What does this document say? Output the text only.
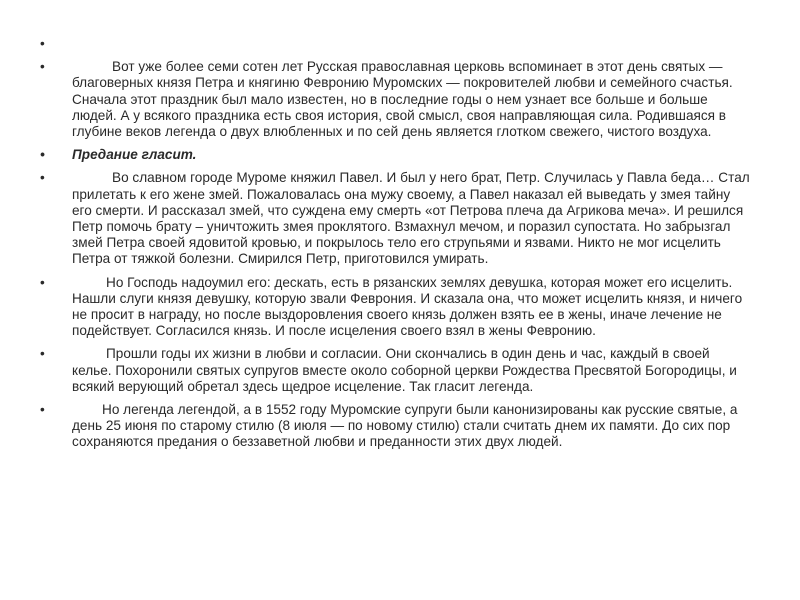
•
• Вот уже более семи сотен лет Русская православная церковь вспоминает в этот день святых — благоверных князя Петра и княгиню Февронию Муромских — покровителей любви и семейного счастья. Сначала этот праздник был мало известен, но в последние годы о нем узнает все больше и больше людей. А у всякого праздника есть своя история, свой смысл, своя направляющая сила. Родившаяся в глубине веков легенда о двух влюбленных и по сей день является глотком свежего, чистого воздуха.
• Предание гласит.
• Во славном городе Муроме княжил Павел. И был у него брат, Петр. Случилась у Павла беда… Стал прилетать к его жене змей. Пожаловалась она мужу своему, а Павел наказал ей выведать у змея тайну его смерти. И рассказал змей, что суждена ему смерть «от Петрова плеча да Агрикова меча». И решился Петр помочь брату – уничтожить змея проклятого. Взмахнул мечом, и поразил супостата. Но забрызгал змей Петра своей ядовитой кровью, и покрылось тело его струпьями и язвами. Никто не мог исцелить Петра от тяжкой болезни. Смирился Петр, приготовился умирать.
• Но Господь надоумил его: дескать, есть в рязанских землях девушка, которая может его исцелить. Нашли слуги князя девушку, которую звали Феврония. И сказала она, что может исцелить князя, и ничего не просит в награду, но после выздоровления своего князь должен взять ее в жены, иначе лечение не подействует. Согласился князь. И после исцеления своего взял в жены Февронию.
• Прошли годы их жизни в любви и согласии. Они скончались в один день и час, каждый в своей келье. Похоронили святых супругов вместе около соборной церкви Рождества Пресвятой Богородицы, и всякий верующий обретал здесь щедрое исцеление. Так гласит легенда.
• Но легенда легендой, а в 1552 году Муромские супруги были канонизированы как русские святые, а день 25 июня по старому стилю (8 июля — по новому стилю) стали считать днем их памяти. До сих пор сохраняются предания о беззаветной любви и преданности этих двух людей.
